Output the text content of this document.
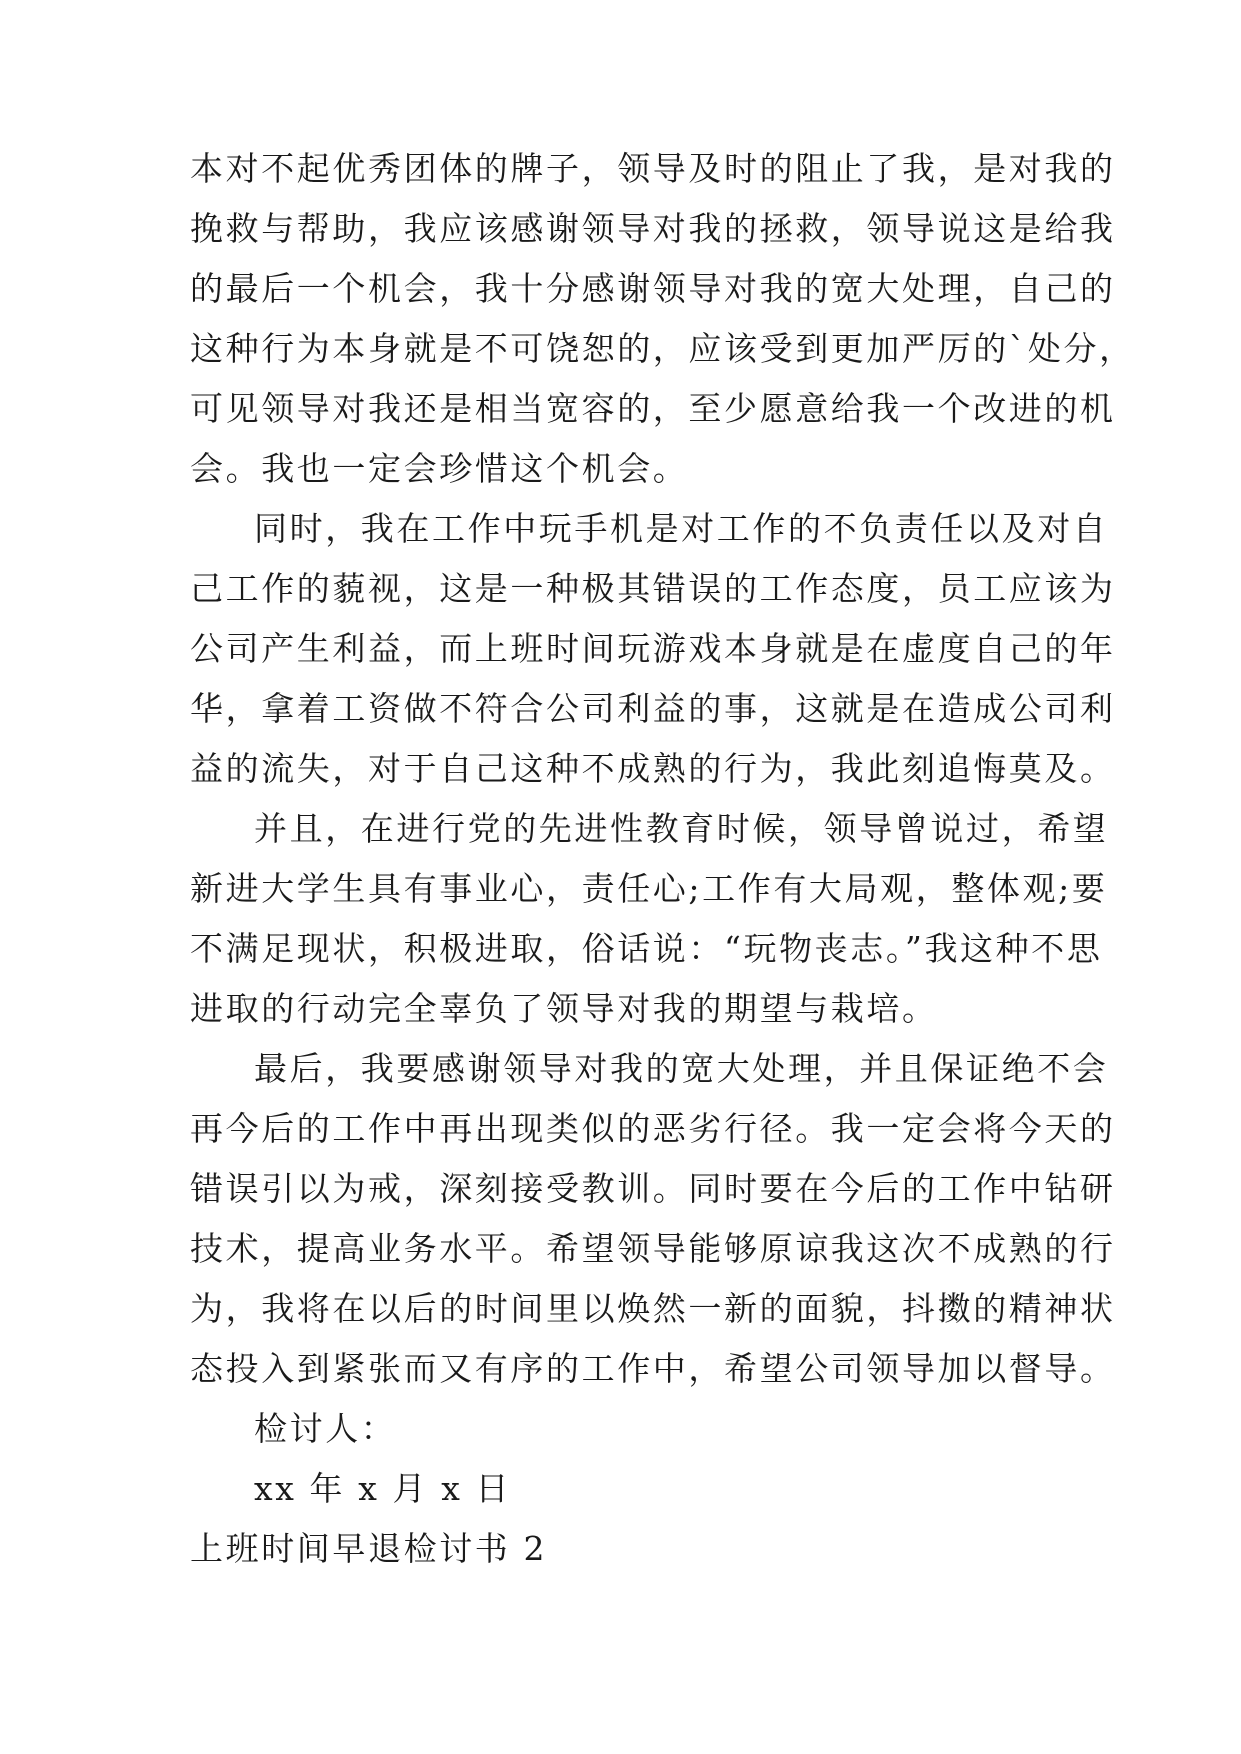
本对不起优秀团体的牌子，领导及时的阻止了我，是对我的
挽救与帮助，我应该感谢领导对我的拯救，领导说这是给我
的最后一个机会，我十分感谢领导对我的宽大处理，自己的
这种行为本身就是不可饶恕的，应该受到更加严厉的`处分，
可见领导对我还是相当宽容的，至少愿意给我一个改进的机
会。我也一定会珍惜这个机会。
同时，我在工作中玩手机是对工作的不负责任以及对自
己工作的藐视，这是一种极其错误的工作态度，员工应该为
公司产生利益，而上班时间玩游戏本身就是在虚度自己的年
华，拿着工资做不符合公司利益的事，这就是在造成公司利
益的流失，对于自己这种不成熟的行为，我此刻追悔莫及。
并且，在进行党的先进性教育时候，领导曾说过，希望
新进大学生具有事业心，责任心;工作有大局观，整体观;要
不满足现状，积极进取，俗话说：“玩物丧志。”我这种不思
进取的行动完全辜负了领导对我的期望与栽培。
最后，我要感谢领导对我的宽大处理，并且保证绝不会
再今后的工作中再出现类似的恶劣行径。我一定会将今天的
错误引以为戒，深刻接受教训。同时要在今后的工作中钻研
技术，提高业务水平。希望领导能够原谅我这次不成熟的行
为，我将在以后的时间里以焕然一新的面貌，抖擞的精神状
态投入到紧张而又有序的工作中，希望公司领导加以督导。
检讨人：
xx 年 x 月 x 日
上班时间早退检讨书 2
